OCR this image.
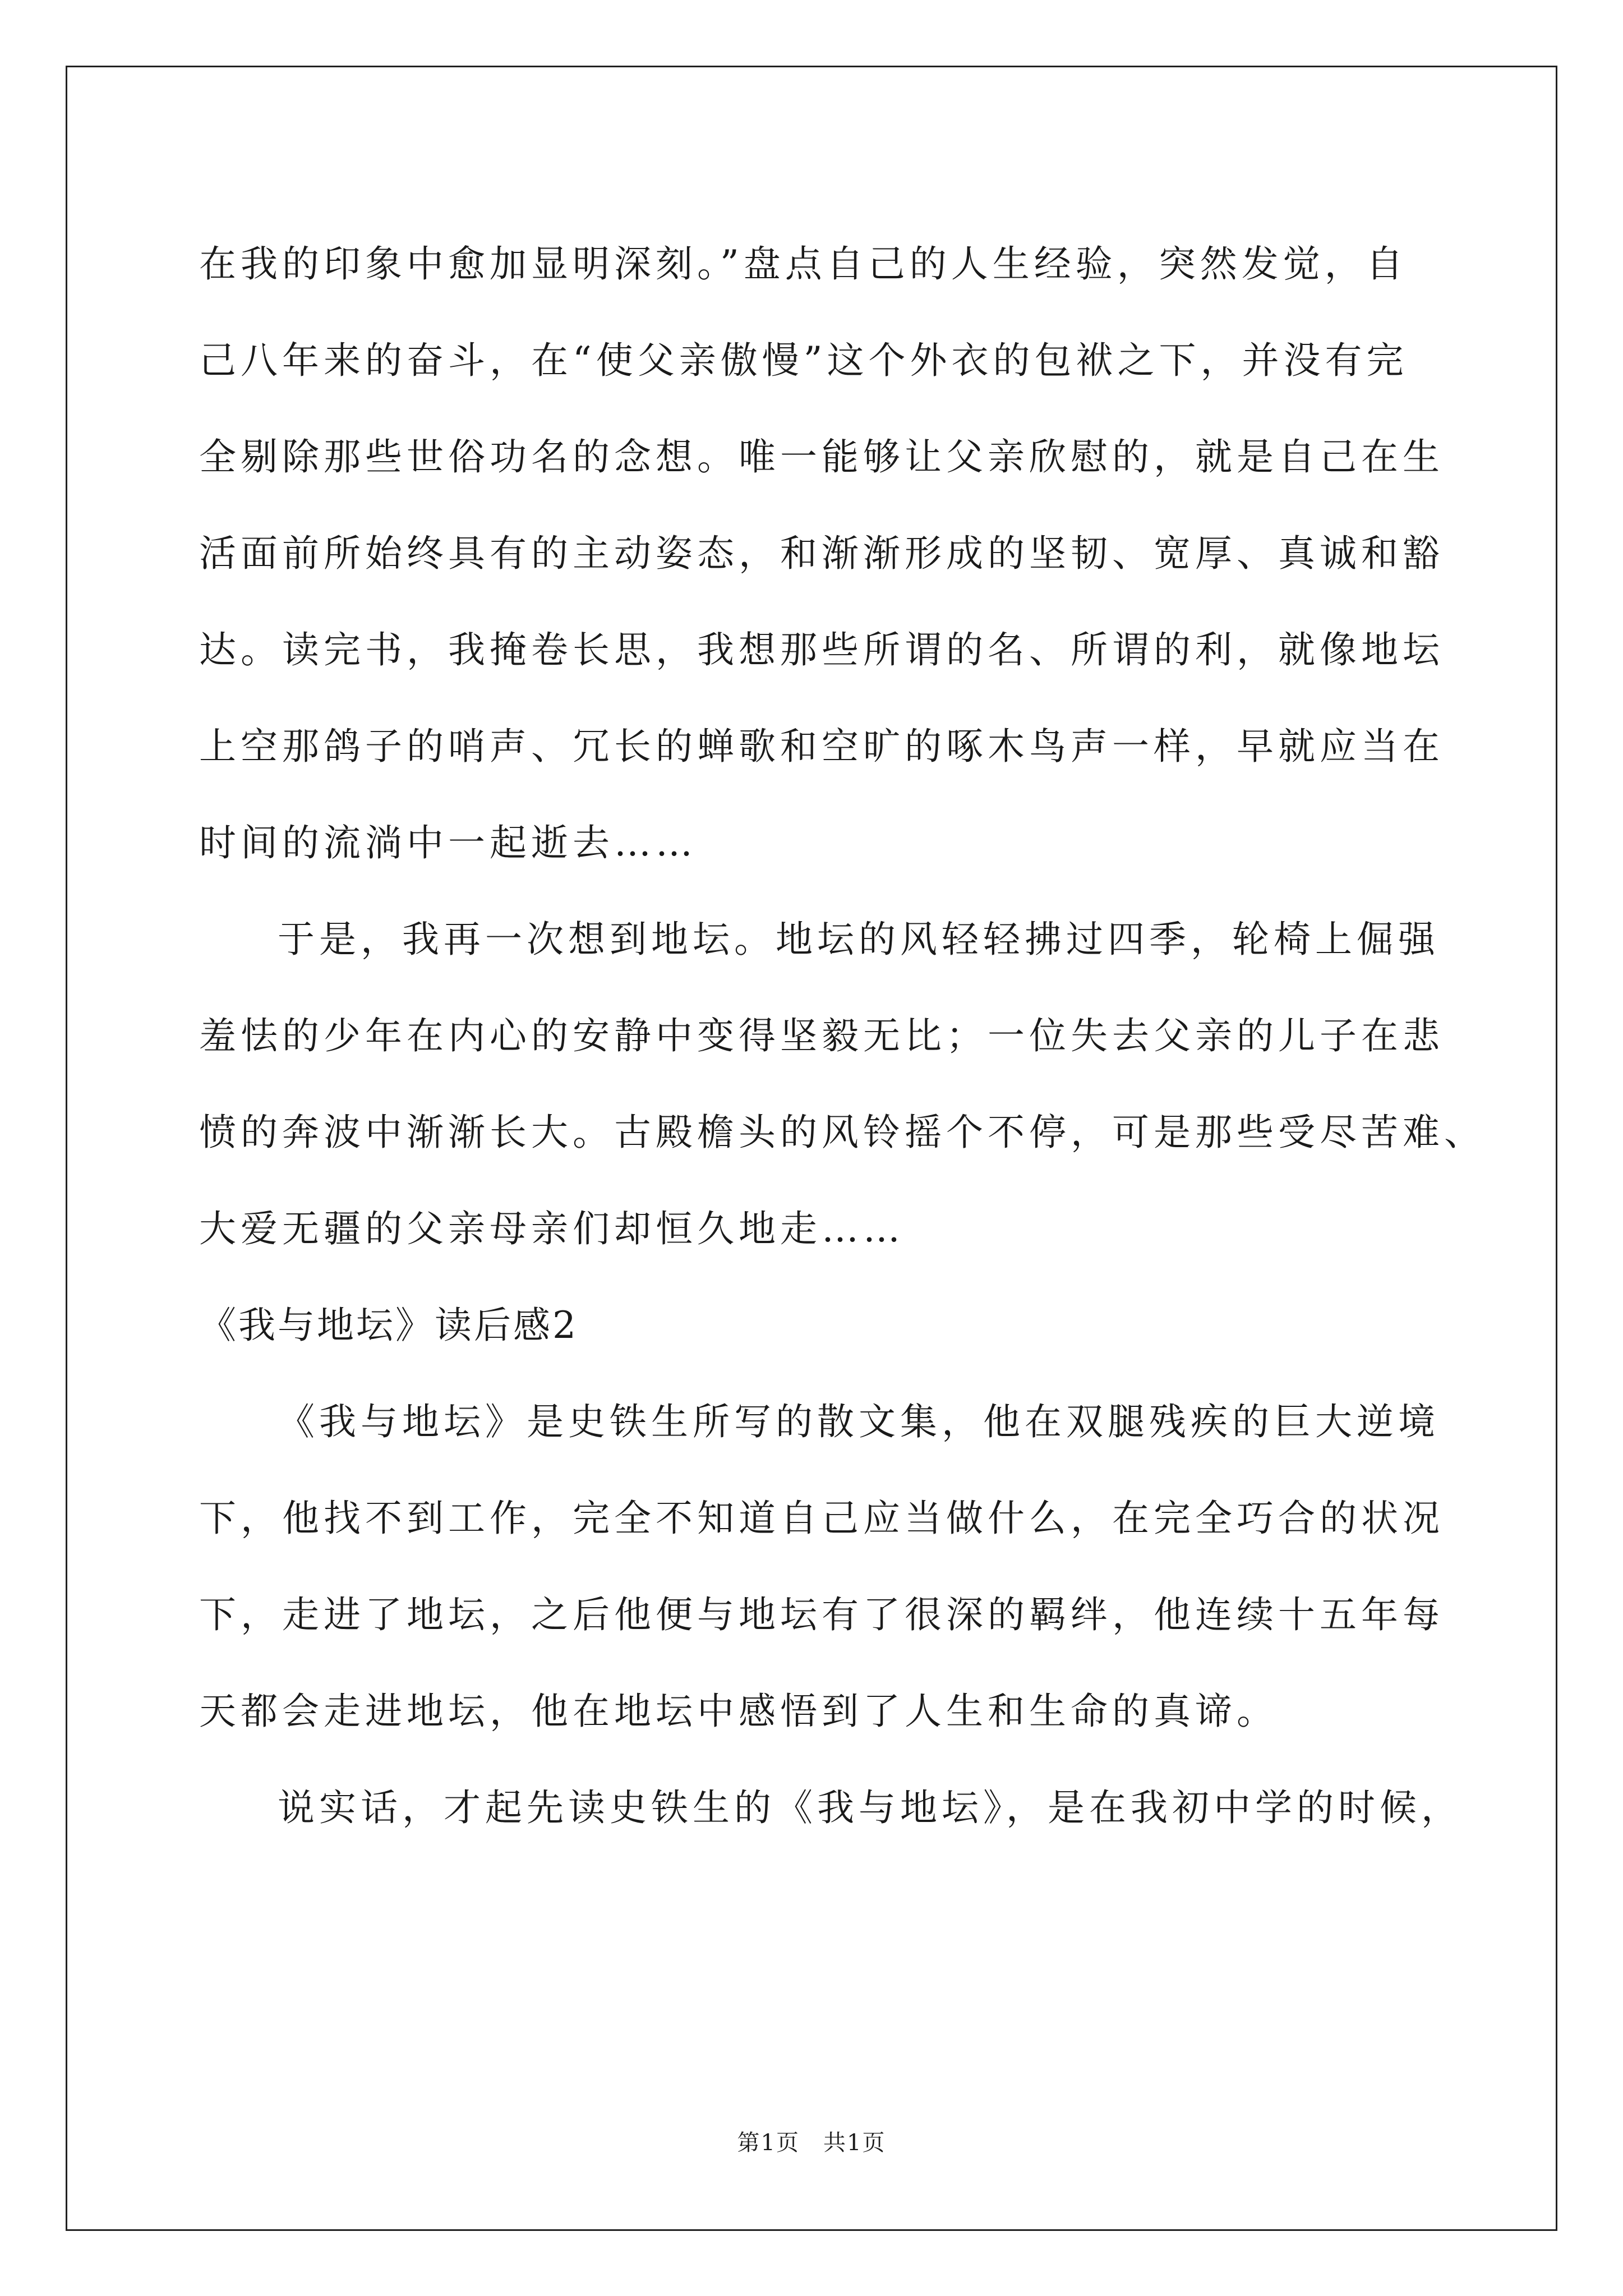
在我的印象中愈加显明深刻。”盘点自己的人生经验，突然发觉，自
己八年来的奋斗，在“使父亲傲慢”这个外衣的包袱之下，并没有完
全剔除那些世俗功名的念想。唯一能够让父亲欣慰的，就是自己在生
活面前所始终具有的主动姿态，和渐渐形成的坚韧、宽厚、真诚和豁
达。读完书，我掩卷长思，我想那些所谓的名、所谓的利，就像地坛
上空那鸽子的哨声、冗长的蝉歌和空旷的啄木鸟声一样，早就应当在
时间的流淌中一起逝去……
于是，我再一次想到地坛。地坛的风轻轻拂过四季，轮椅上倔强
羞怯的少年在内心的安静中变得坚毅无比；一位失去父亲的儿子在悲
愤的奔波中渐渐长大。古殿檐头的风铃摇个不停，可是那些受尽苦难、
大爱无疆的父亲母亲们却恒久地走……
《我与地坛》读后感2
《我与地坛》是史铁生所写的散文集，他在双腿残疾的巨大逆境
下，他找不到工作，完全不知道自己应当做什么，在完全巧合的状况
下，走进了地坛，之后他便与地坛有了很深的羁绊，他连续十五年每
天都会走进地坛，他在地坛中感悟到了人生和生命的真谛。
说实话，才起先读史铁生的《我与地坛》，是在我初中学的时候，
第1页　共1页
